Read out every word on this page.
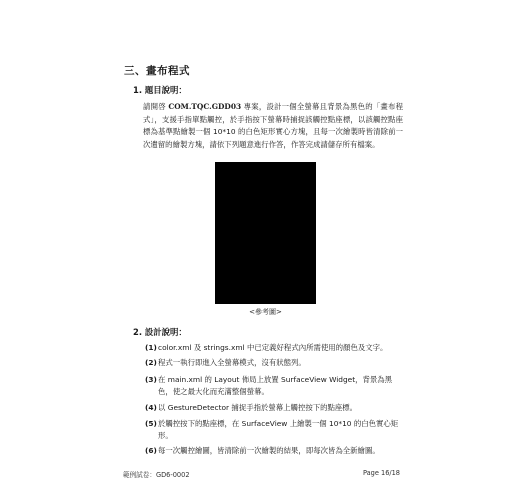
三、畫布程式
1. 題目說明：
請開啓 COM.TQC.GDD03 專案，設計一個全螢幕且背景為黑色的「畫布程式」，支援手指單點觸控，於手指按下螢幕時捕捉該觸控點座標，以該觸控點座標為基準點繪製一個 10*10 的白色矩形實心方塊，且每一次繪製時皆清除前一次遺留的繪製方塊，請依下列題意進行作答，作答完成請儲存所有檔案。
<參考圖>
2. 設計說明：
(1) color.xml 及 strings.xml 中已定義好程式內所需使用的顏色及文字。
(2) 程式一執行即進入全螢幕模式，沒有狀態列。
(3) 在 main.xml 的 Layout 佈局上放置 SurfaceView Widget，背景為黑色，使之最大化而充滿整個螢幕。
(4) 以 GestureDetector 捕捉手指於螢幕上觸控按下的點座標。
(5) 於觸控按下的點座標，在 SurfaceView 上繪製一個 10*10 的白色實心矩形。
(6) 每一次觸控繪圖，皆清除前一次繪製的結果，即每次皆為全新繪圖。
範例試卷：GD6-0002	Page 16/18
